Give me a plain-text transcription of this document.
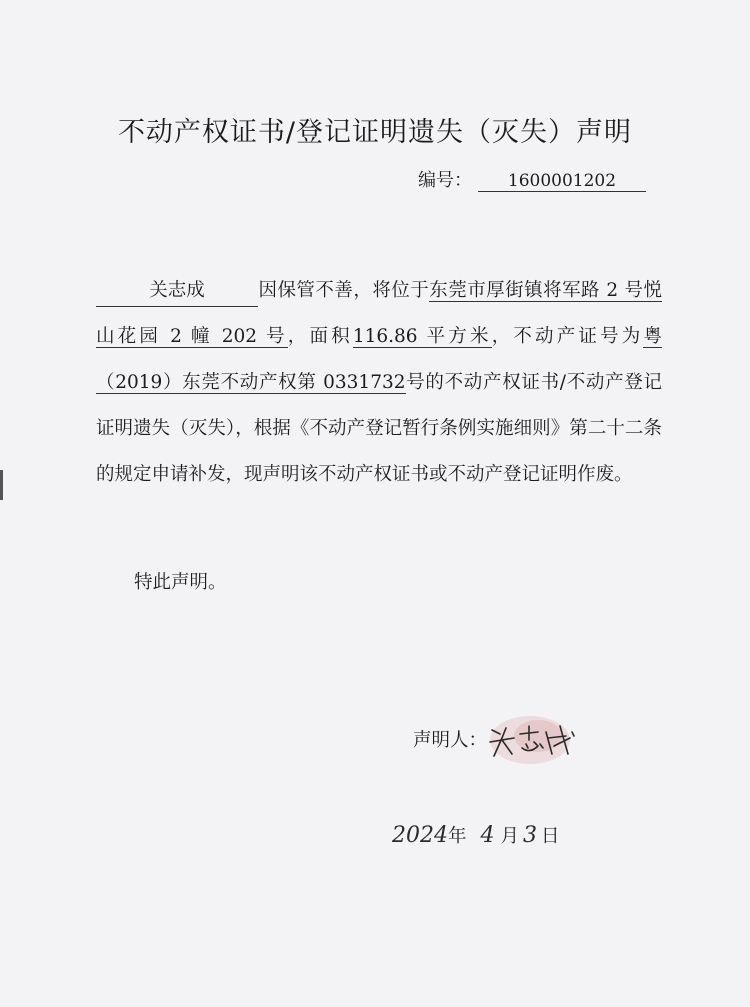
不动产权证书/登记证明遗失（灭失）声明
编号： 1600001202

关志成	因保管不善，将位于东莞市厚街镇将军路 2 号悦山花园 2 幢 202 号，面积116.86 平方米，不动产证号为粤（2019）东莞不动产权第 0331732号的不动产权证书/不动产登记证明遗失（灭失），根据《不动产登记暂行条例实施细则》第二十二条的规定申请补发，现声明该不动产权证书或不动产登记证明作废。

特此声明。
声明人：
2024年 4 月 3 日
